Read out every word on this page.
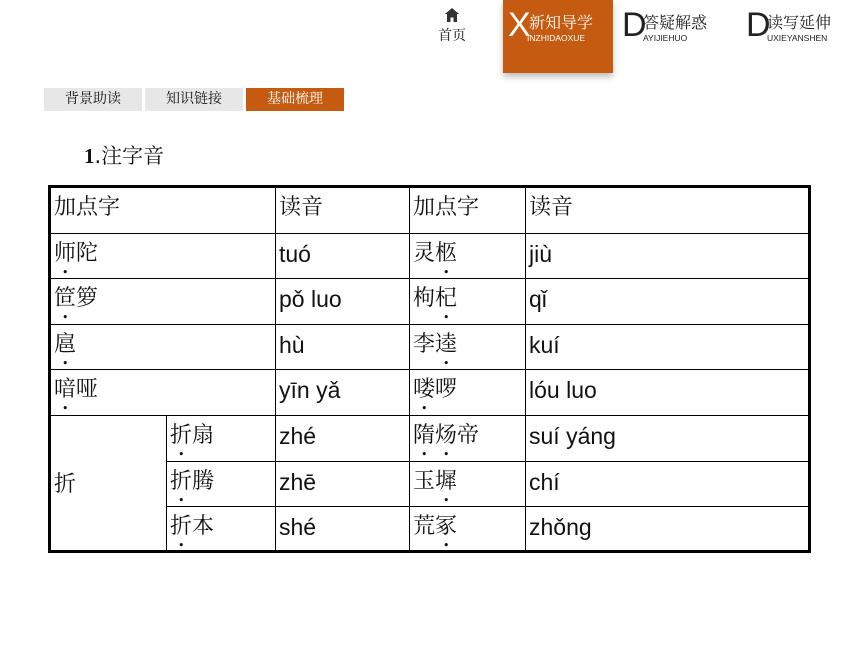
首页 X
新知导学
INZHIDAOXUE D
答疑解惑
AYIJIEHUO D
读写延伸
UXIEYANSHEN
背景助读	知识链接	基础梳理
1.注字音
加点字	读音	加点字	读音
师陀	tuó	灵柩	jiù
笸箩	pǒ luo	枸杞	qǐ
扈	hù	李逵	kuí
喑哑	yīn yǎ	喽啰	lóu luo
折
折扇	zhé	隋炀帝	suí yáng
折腾	zhē	玉墀	chí
折本	shé	荒冢	zhǒng
